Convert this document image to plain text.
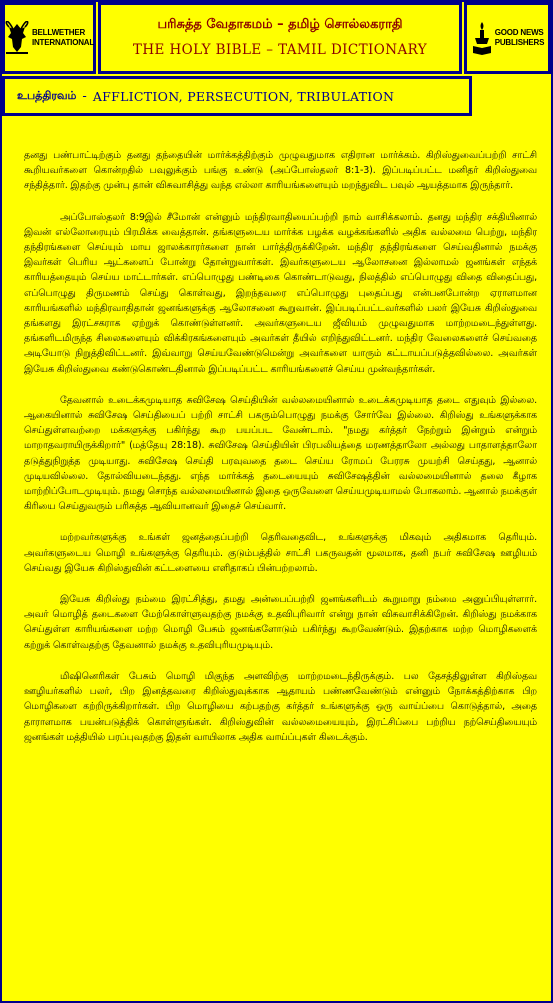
BELLWETHER
INTERNATIONAL
பரிசுத்த வேதாகமம் – தமிழ் சொல்லகராதி
THE HOLY BIBLE – TAMIL DICTIONARY
GOOD NEWS
PUBLISHERS
உபத்திரவம் - AFFLICTION, PERSECUTION, TRIBULATION

தனது பண்பாட்டிற்கும் தனது தந்தையின் மார்க்கத்திற்கும் முழுவதுமாக எதிரான மார்க்கம். கிறிஸ்துவைப்பற்றி சாட்சி கூறியவர்களை கொன்றதில் பவுலுக்கும் பங்கு உண்டு (அப்போஸ்தலர் 8:1-3). இப்படிப்பட்ட மனிதர் கிறிஸ்துவை சந்தித்தார். இதற்கு முன்பு தான் விசுவாசித்து வந்த எல்லா காரியங்களையும் மறந்துவிட பவுல் ஆயத்தமாக இருந்தார்.

அப்போஸ்தலர் 8:9இல் சீமோன் என்னும் மந்திரவாதியைப்பற்றி நாம் வாசிக்கலாம். தனது மந்திர சக்தியினால் இவன் எல்லோரையும் பிரமிக்க வைத்தான். தங்களுடைய மார்க்க பழக்க வழக்கங்களில் அதிக வல்லமை பெற்று, மந்திர தந்திரங்களை செய்யும் மாய ஜாலக்காரர்களை நான் பார்த்திருக்கிறேன். மந்திர தந்திரங்களை செய்வதினால் நமக்கு இவர்கள் பெரிய ஆட்களைப் போன்று தோன்றுவார்கள். இவர்களுடைய ஆலோசனை இல்லாமல் ஜனங்கள் எந்தக் காரியத்தையும் செய்ய மாட்டார்கள். எப்பொழுது பண்டிகை கொண்டாடுவது, நிலத்தில் எப்பொழுது விதை விதைப்பது, எப்பொழுது திருமணம் செய்து கொள்வது, இறந்தவரை எப்பொழுது புதைப்பது என்பனபோன்ற ஏராளமான காரியங்களில் மந்திரவாதிதான் ஜனங்களுக்கு ஆலோசனை கூறுவான். இப்படிப்பட்டவர்களில் பலர் இயேசு கிறிஸ்துவை தங்களது இரட்சகராக ஏற்றுக் கொண்டுள்ளனர். அவர்களுடைய ஜீவியம் முழுவதுமாக மாற்றமடைந்துள்ளது. தங்களிடமிருந்த சிலைகளையும் விக்கிரகங்களையும் அவர்கள் தீயில் எறிந்துவிட்டனர். மந்திர வேலைகளைச் செய்வதை அடியோடு நிறுத்திவிட்டனர். இவ்வாறு செய்யவேண்டுமென்று அவர்களை யாரும் கட்டாயப்படுத்தவில்லை. அவர்கள் இயேசு கிறிஸ்துவை கண்டுகொண்டதினால் இப்படிப்பட்ட காரியங்களைச் செய்ய முன்வந்தார்கள்.

தேவனால் உடைக்கமுடியாத சுவிசேஷ செய்தியின் வல்லமையினால் உடைக்கமுடியாத தடை எதுவும் இல்லை. ஆகையினால் சுவிசேஷ செய்தியைப் பற்றி சாட்சி பகரும்பொழுது நமக்கு சோர்வே இல்லை. கிறிஸ்து உங்களுக்காக செய்துள்ளவற்றை மக்களுக்கு பகிர்ந்து கூற பயப்பட வேண்டாம். "நமது கர்த்தர் நேற்றும் இன்றும் என்றும் மாறாதவராயிருக்கிறார்" (மத்தேயு 28:18). சுவிசேஷ செய்தியின் பிரபலியத்தை மரணத்தாலோ அல்லது பாதாளத்தாலோ தடுத்துநிறுத்த முடியாது. சுவிசேஷ செய்தி பரவுவதை தடை செய்ய ரோமப் பேரரசு முயற்சி செய்தது, ஆனால் முடியவில்லை. தோல்வியடைந்தது. எந்த மார்க்கத் தடையையும் சுவிசேஷத்தின் வல்லமையினால் தலை கீழாக மாற்றிப்போடமுடியும். நமது சொந்த வல்லமையினால் இதை ஒருவேளை செய்யமுடியாமல் போகலாம். ஆனால் நமக்குள் கிரியை செய்துவரும் பரிசுத்த ஆவியானவர் இதைச் செய்வார்.

மற்றவர்களுக்கு உங்கள் ஜனத்தைப்பற்றி தெரிவதைவிட, உங்களுக்கு மிகவும் அதிகமாக தெரியும். அவர்களுடைய மொழி உங்களுக்கு தெரியும். குடும்பத்தில் சாட்சி பகருவதன் மூலமாக, தனி நபர் சுவிசேஷ ஊழியம் செய்வது இயேசு கிறிஸ்துவின் கட்டளையை எளிதாகப் பின்பற்றலாம்.

இயேசு கிறிஸ்து நம்மை இரட்சித்து, தமது அன்பைப்பற்றி ஜனங்களிடம் கூறுமாறு நம்மை அனுப்பியுள்ளார். அவர் மொழித் தடைகளை மேற்கொள்ளுவதற்கு நமக்கு உதவிபுரிவார் என்று நான் விசுவாசிக்கிறேன். கிறிஸ்து நமக்காக செய்துள்ள காரியங்களை மற்ற மொழி பேசும் ஜனங்களோடும் பகிர்ந்து கூறவேண்டும். இதற்காக மற்ற மொழிகளைக் கற்றுக் கொள்வதற்கு தேவனால் நமக்கு உதவிபுரியமுடியும்.

மிஷினெரிகள் பேசும் மொழி மிகுந்த அளவிற்கு மாற்றமடைந்திருக்கும். பல தேசத்திலுள்ள கிறிஸ்தவ ஊழியர்களில் பலர், பிற இனத்தவரை கிறிஸ்துவுக்காக ஆதாயம் பண்ணவேண்டும் என்னும் நோக்கத்திற்காக பிற மொழிகளை கற்றிருக்கிறார்கள். பிற மொழியை கற்பதற்கு கர்த்தர் உங்களுக்கு ஒரு வாய்ப்பை கொடுத்தால், அதை தாராளமாக பயன்படுத்திக் கொள்ளுங்கள். கிறிஸ்துவின் வல்லமையையும், இரட்சிப்பை பற்றிய நற்செய்தியையும் ஜனங்கள் மத்தியில் பரப்புவதற்கு இதன் வாயிலாக அதிக வாய்ப்புகள் கிடைக்கும்.
